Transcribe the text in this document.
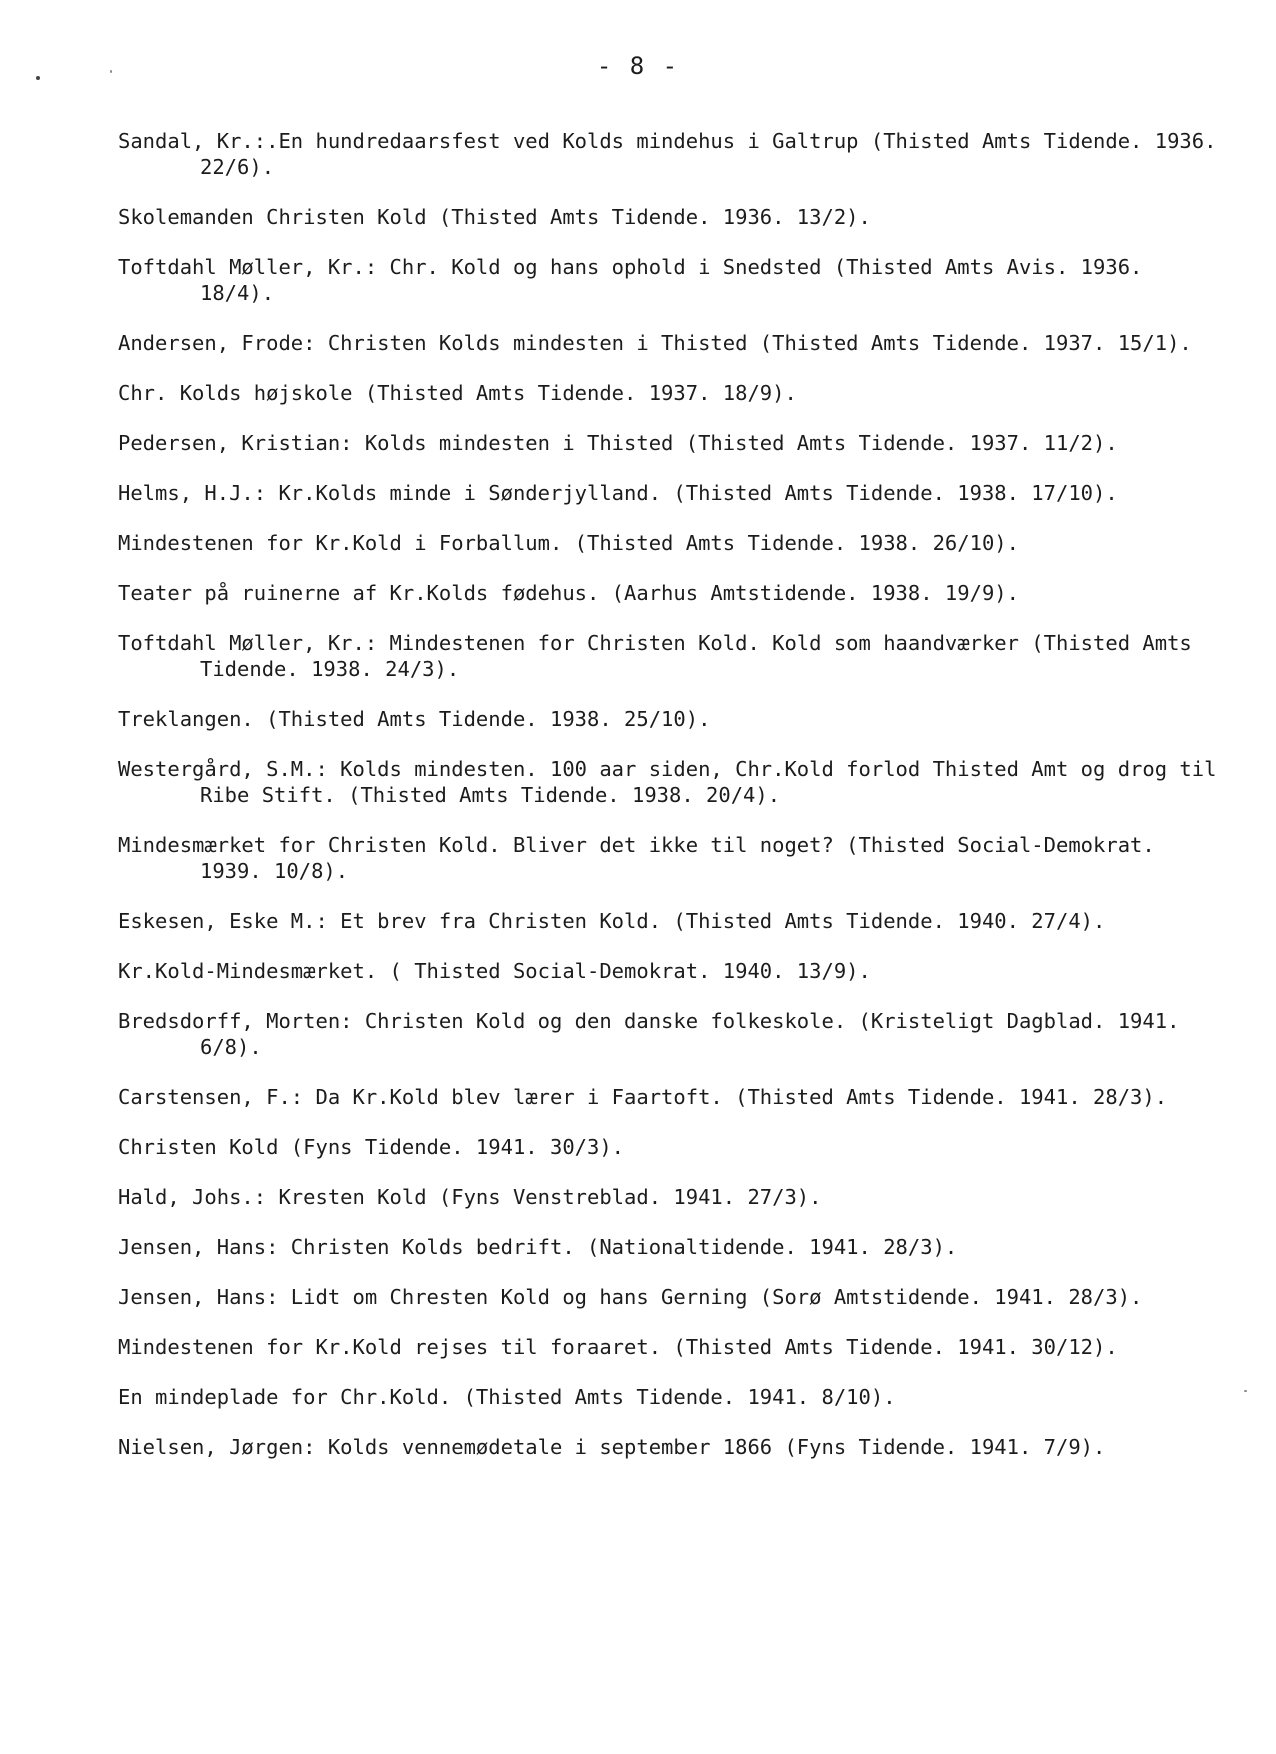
- 8 -

Sandal, Kr.:.En hundredaarsfest ved Kolds mindehus i Galtrup (Thisted Amts Tidende. 1936. 22/6).

Skolemanden Christen Kold (Thisted Amts Tidende. 1936. 13/2).

Toftdahl Møller, Kr.: Chr. Kold og hans ophold i Snedsted (Thisted Amts Avis. 1936. 18/4).

Andersen, Frode: Christen Kolds mindesten i Thisted (Thisted Amts Tidende. 1937. 15/1).

Chr. Kolds højskole (Thisted Amts Tidende. 1937. 18/9).

Pedersen, Kristian: Kolds mindesten i Thisted (Thisted Amts Tidende. 1937. 11/2).

Helms, H.J.: Kr.Kolds minde i Sønderjylland. (Thisted Amts Tidende. 1938. 17/10).

Mindestenen for Kr.Kold i Forballum. (Thisted Amts Tidende. 1938. 26/10).

Teater på ruinerne af Kr.Kolds fødehus. (Aarhus Amtstidende. 1938. 19/9).

Toftdahl Møller, Kr.: Mindestenen for Christen Kold. Kold som haandværker (Thisted Amts Tidende. 1938. 24/3).

Treklangen. (Thisted Amts Tidende. 1938. 25/10).

Westergård, S.M.: Kolds mindesten. 100 aar siden, Chr.Kold forlod Thisted Amt og drog til Ribe Stift. (Thisted Amts Tidende. 1938. 20/4).

Mindesmærket for Christen Kold. Bliver det ikke til noget? (Thisted Social-Demokrat. 1939. 10/8).

Eskesen, Eske M.: Et brev fra Christen Kold. (Thisted Amts Tidende. 1940. 27/4).

Kr.Kold-Mindesmærket. ( Thisted Social-Demokrat. 1940. 13/9).

Bredsdorff, Morten: Christen Kold og den danske folkeskole. (Kristeligt Dagblad. 1941. 6/8).

Carstensen, F.: Da Kr.Kold blev lærer i Faartoft. (Thisted Amts Tidende. 1941. 28/3).

Christen Kold (Fyns Tidende. 1941. 30/3).

Hald, Johs.: Kresten Kold (Fyns Venstreblad. 1941. 27/3).

Jensen, Hans: Christen Kolds bedrift. (Nationaltidende. 1941. 28/3).

Jensen, Hans: Lidt om Chresten Kold og hans Gerning (Sorø Amtstidende. 1941. 28/3).

Mindestenen for Kr.Kold rejses til foraaret. (Thisted Amts Tidende. 1941. 30/12).

En mindeplade for Chr.Kold. (Thisted Amts Tidende. 1941. 8/10).

Nielsen, Jørgen: Kolds vennemødetale i september 1866 (Fyns Tidende. 1941. 7/9).
